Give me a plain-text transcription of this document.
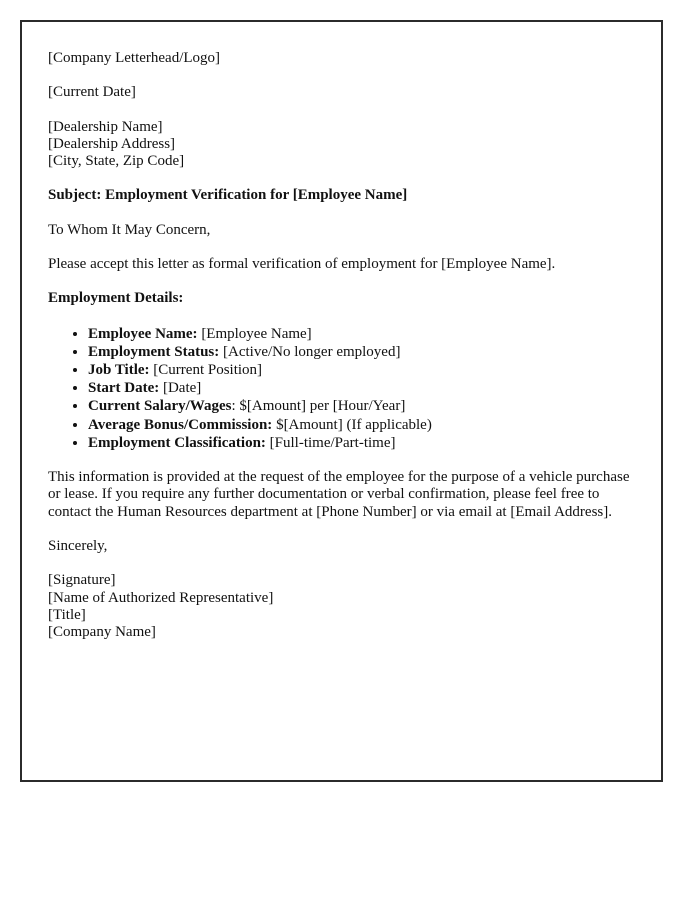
[Company Letterhead/Logo]

[Current Date]

[Dealership Name]
[Dealership Address]
[City, State, Zip Code]

Subject: Employment Verification for [Employee Name]

To Whom It May Concern,

Please accept this letter as formal verification of employment for [Employee Name].

Employment Details:

• Employee Name: [Employee Name]
• Employment Status: [Active/No longer employed]
• Job Title: [Current Position]
• Start Date: [Date]
• Current Salary/Wages: $[Amount] per [Hour/Year]
• Average Bonus/Commission: $[Amount] (If applicable)
• Employment Classification: [Full-time/Part-time]

This information is provided at the request of the employee for the purpose of a vehicle purchase or lease. If you require any further documentation or verbal confirmation, please feel free to contact the Human Resources department at [Phone Number] or via email at [Email Address].

Sincerely,

[Signature]
[Name of Authorized Representative]
[Title]
[Company Name]
